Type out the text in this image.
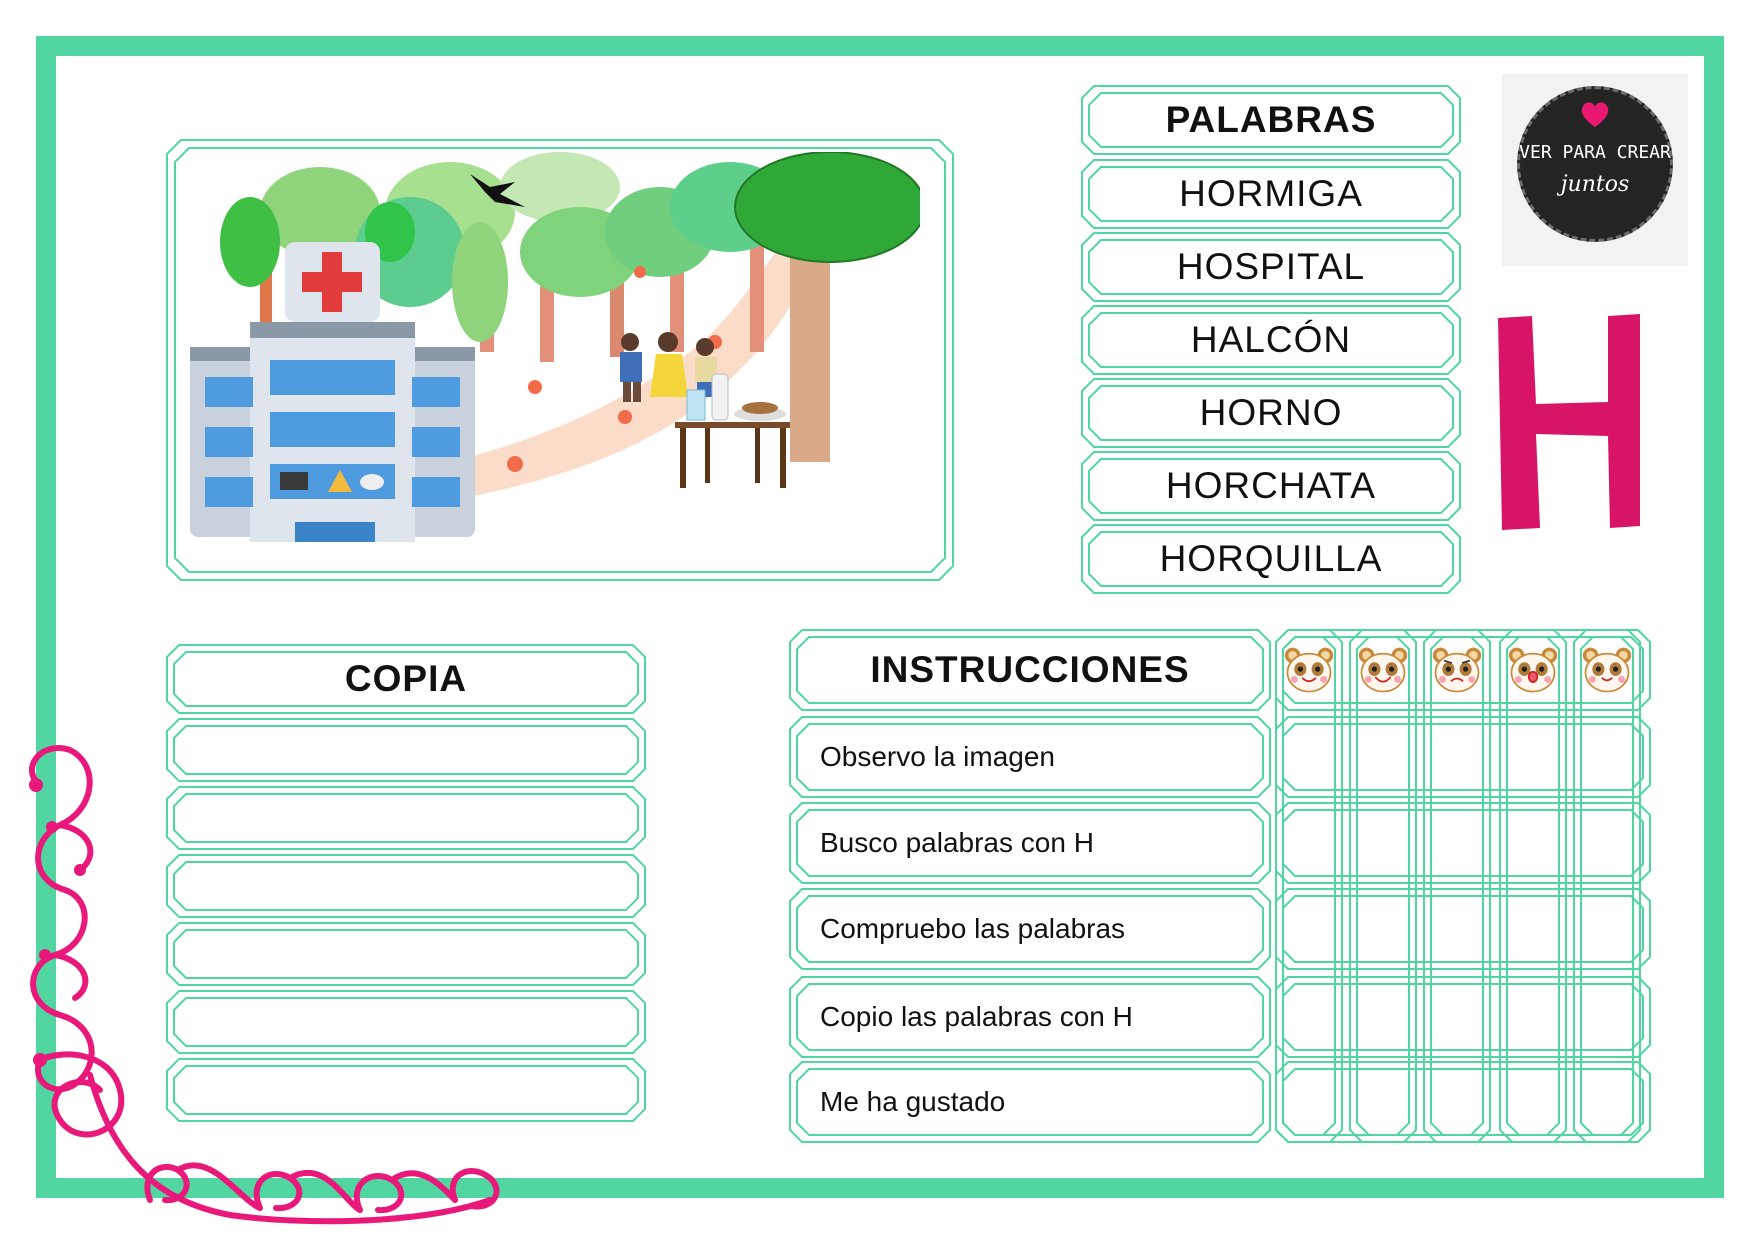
PALABRAS
HORMIGA
HOSPITAL
HALCÓN
HORNO
HORCHATA
HORQUILLA
VER PARA CREAR
juntos
COPIA	INSTRUCCIONES
Observo la imagen
Busco palabras con H
Compruebo las palabras
Copio las palabras con H
Me ha gustado
